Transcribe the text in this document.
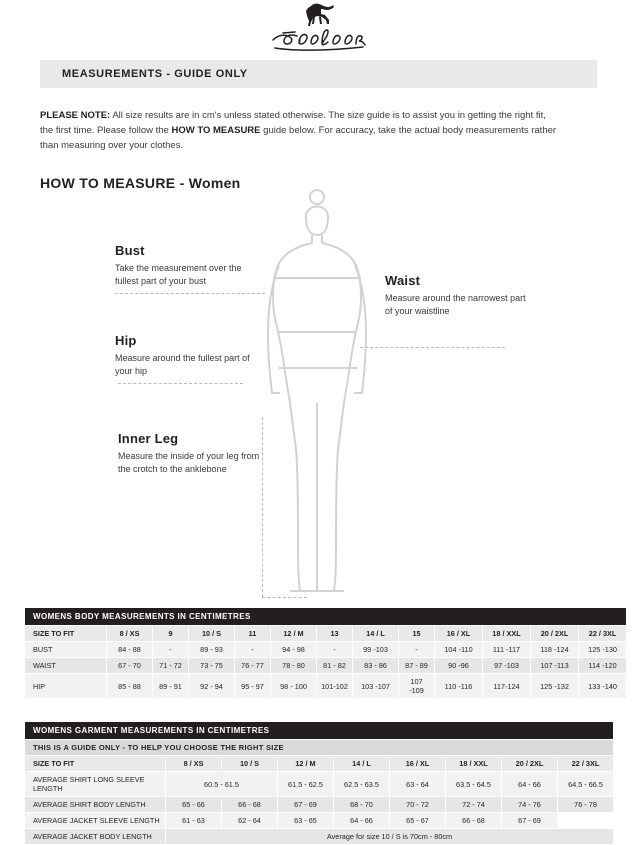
MEASUREMENTS - GUIDE ONLY
PLEASE NOTE: All size results are in cm's unless stated otherwise. The size guide is to assist you in getting the right fit, the first time. Please follow the HOW TO MEASURE guide below. For accuracy, take the actual body measurements rather than measuring over your clothes.
HOW TO MEASURE - Women
Bust
Take the measurement over the fullest part of your bust	Waist
Measure around the narrowest part of your waistline
Hip
Measure around the fullest part of your hip
Inner Leg
Measure the inside of your leg from the crotch to the anklebone
WOMENS BODY MEASUREMENTS IN CENTIMETRES												
SIZE TO FIT	8 / XS	9	10 / S	11	12 / M	13	14 / L	15	16 / XL	18 / XXL	20 / 2XL	22 / 3XL
BUST	84 - 88	-	89 - 93	-	94 - 98	-	99 -103	-	104 -110	111 -117	118 -124	125 -130
WAIST	67 - 70	71 - 72	73 - 75	76 - 77	78 - 80	81 - 82	83 - 86	87 - 89	90 -96	97 -103	107 -113	114 -120
HIP	85 - 88	89 - 91	92 - 94	95 - 97	98 - 100	101-102	103 -107	107 -109	110 -116	117-124	125 -132	133 -140
WOMENS GARMENT MEASUREMENTS IN CENTIMETRES								
THIS IS A GUIDE ONLY - TO HELP YOU CHOOSE THE RIGHT SIZE								
SIZE TO FIT	8 / XS	10 / S	12 / M	14 / L	16 / XL	18 / XXL	20 / 2XL	22 / 3XL
AVERAGE SHIRT LONG SLEEVE LENGTH	60.5 - 61.5		61.5 - 62.5	62.5 - 63.5	63 - 64	63.5 - 64.5	64 - 66	64.5 - 66.5
AVERAGE SHIRT BODY LENGTH	65 - 66	66 - 68	67 - 69	68 - 70	70 - 72	72 - 74	74 - 76	76 - 78
AVERAGE JACKET SLEEVE LENGTH	61 - 63	62 - 64	63 - 65	64 - 66	65 - 67	66 - 68	67 - 69	
AVERAGE JACKET BODY LENGTH	Average for size 10 / S is 70cm - 80cm							
